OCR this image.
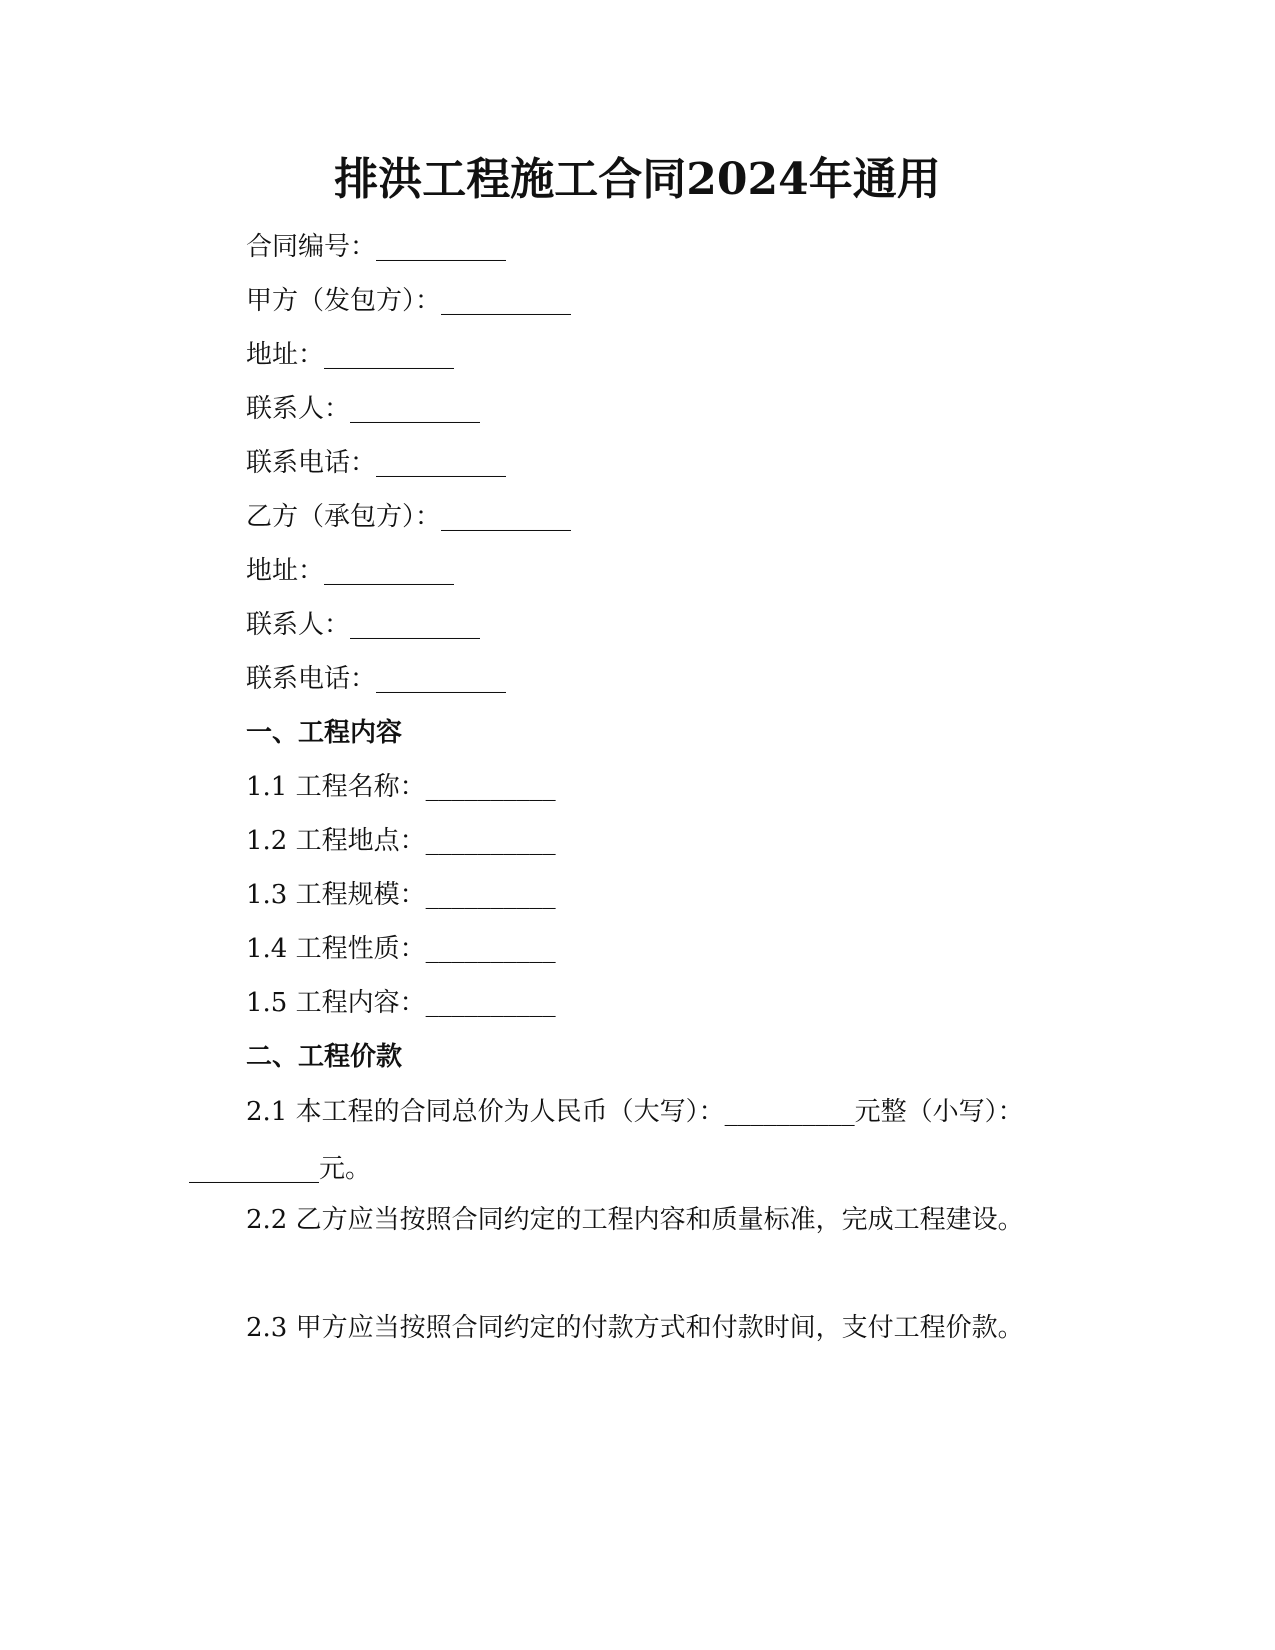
排洪工程施工合同2024年通用
合同编号：__________
甲方（发包方）：__________
地址：__________
联系人：__________
联系电话：__________
乙方（承包方）：__________
地址：__________
联系人：__________
联系电话：__________
一、工程内容
1.1 工程名称：__________
1.2 工程地点：__________
1.3 工程规模：__________
1.4 工程性质：__________
1.5 工程内容：__________
二、工程价款

2.1 本工程的合同总价为人民币（大写）：__________元整（小写）：__________元。

2.2 乙方应当按照合同约定的工程内容和质量标准，完成工程建设。

2.3 甲方应当按照合同约定的付款方式和付款时间，支付工程价款。
